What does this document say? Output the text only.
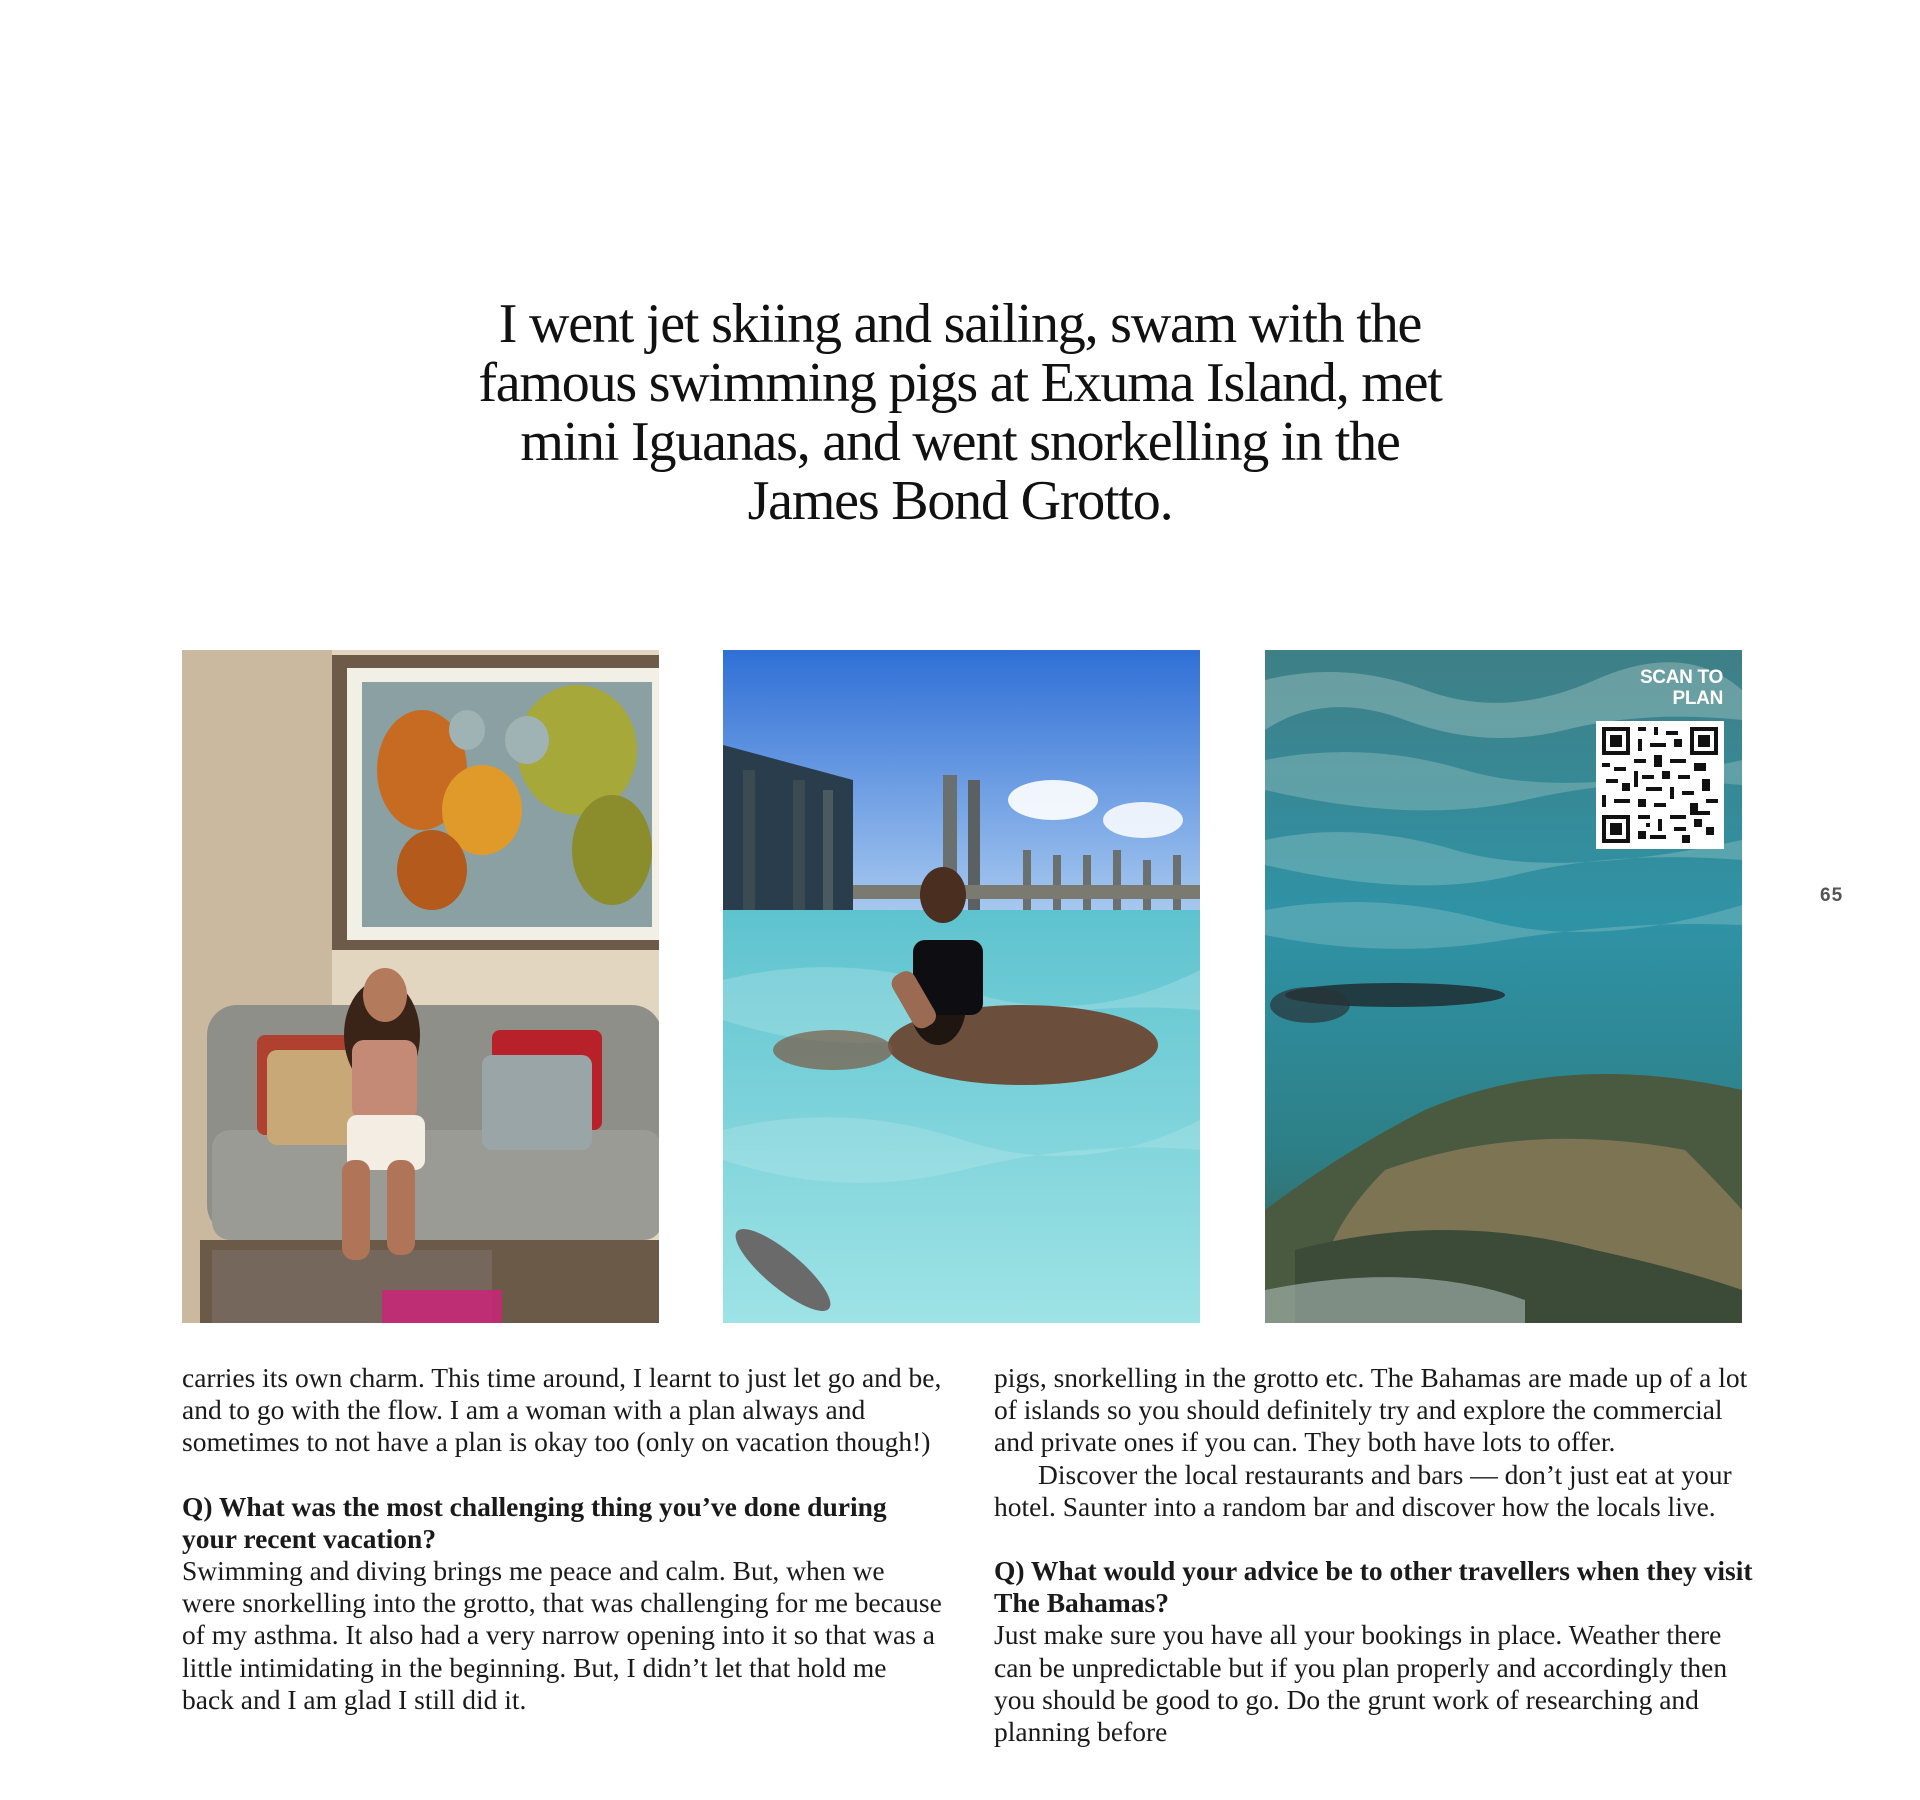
I went jet skiing and sailing, swam with the
famous swimming pigs at Exuma Island, met
mini Iguanas, and went snorkelling in the
James Bond Grotto.
SCAN TO
PLAN
65

carries its own charm. This time around, I learnt to just let go and be, and to go with the flow. I am a woman with a plan always and sometimes to not have a plan is okay too (only on vacation though!)

Q) What was the most challenging thing you’ve done during your recent vacation?

Swimming and diving brings me peace and calm. But, when we were snorkelling into the grotto, that was challenging for me because of my asthma. It also had a very narrow opening into it so that was a little intimidating in the beginning. But, I didn’t let that hold me back and I am glad I still did it.

pigs, snorkelling in the grotto etc. The Bahamas are made up of a lot of islands so you should definitely try and explore the commercial and private ones if you can. They both have lots to offer.

Discover the local restaurants and bars — don’t just eat at your hotel. Saunter into a random bar and discover how the locals live.

Q) What would your advice be to other travellers when they visit The Bahamas?

Just make sure you have all your bookings in place. Weather there can be unpredictable but if you plan properly and accordingly then you should be good to go. Do the grunt work of researching and planning before
